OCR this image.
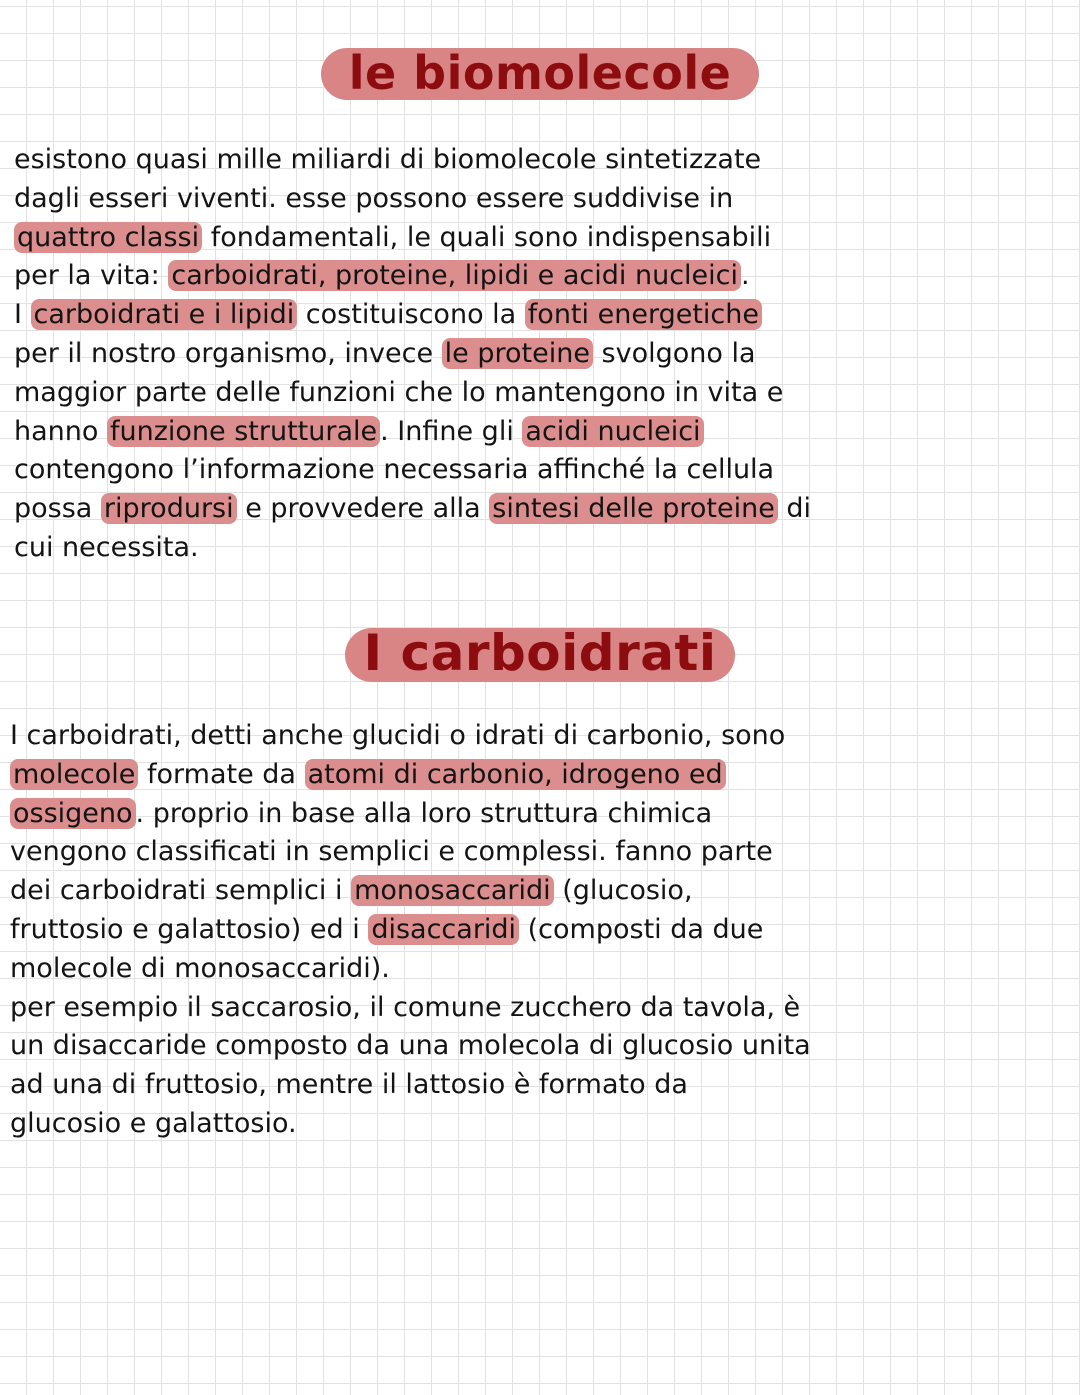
le biomolecole
esistono quasi mille miliardi di biomolecole sintetizzate
dagli esseri viventi. esse possono essere suddivise in
quattro classi fondamentali, le quali sono indispensabili
per la vita: carboidrati, proteine, lipidi e acidi nucleici .
I carboidrati e i lipidi costituiscono la fonti energetiche
per il nostro organismo, invece le proteine svolgono la
maggior parte delle funzioni che lo mantengono in vita e
hanno funzione strutturale . Infine gli acidi nucleici
contengono l’informazione necessaria affinché la cellula
possa riprodursi e provvedere alla sintesi delle proteine di
cui necessita.
I carboidrati
I carboidrati, detti anche glucidi o idrati di carbonio, sono
molecole formate da atomi di carbonio, idrogeno ed
ossigeno . proprio in base alla loro struttura chimica
vengono classificati in semplici e complessi. fanno parte
dei carboidrati semplici i monosaccaridi (glucosio,
fruttosio e galattosio) ed i disaccaridi (composti da due
molecole di monosaccaridi).
per esempio il saccarosio, il comune zucchero da tavola, è
un disaccaride composto da una molecola di glucosio unita
ad una di fruttosio, mentre il lattosio è formato da
glucosio e galattosio.
